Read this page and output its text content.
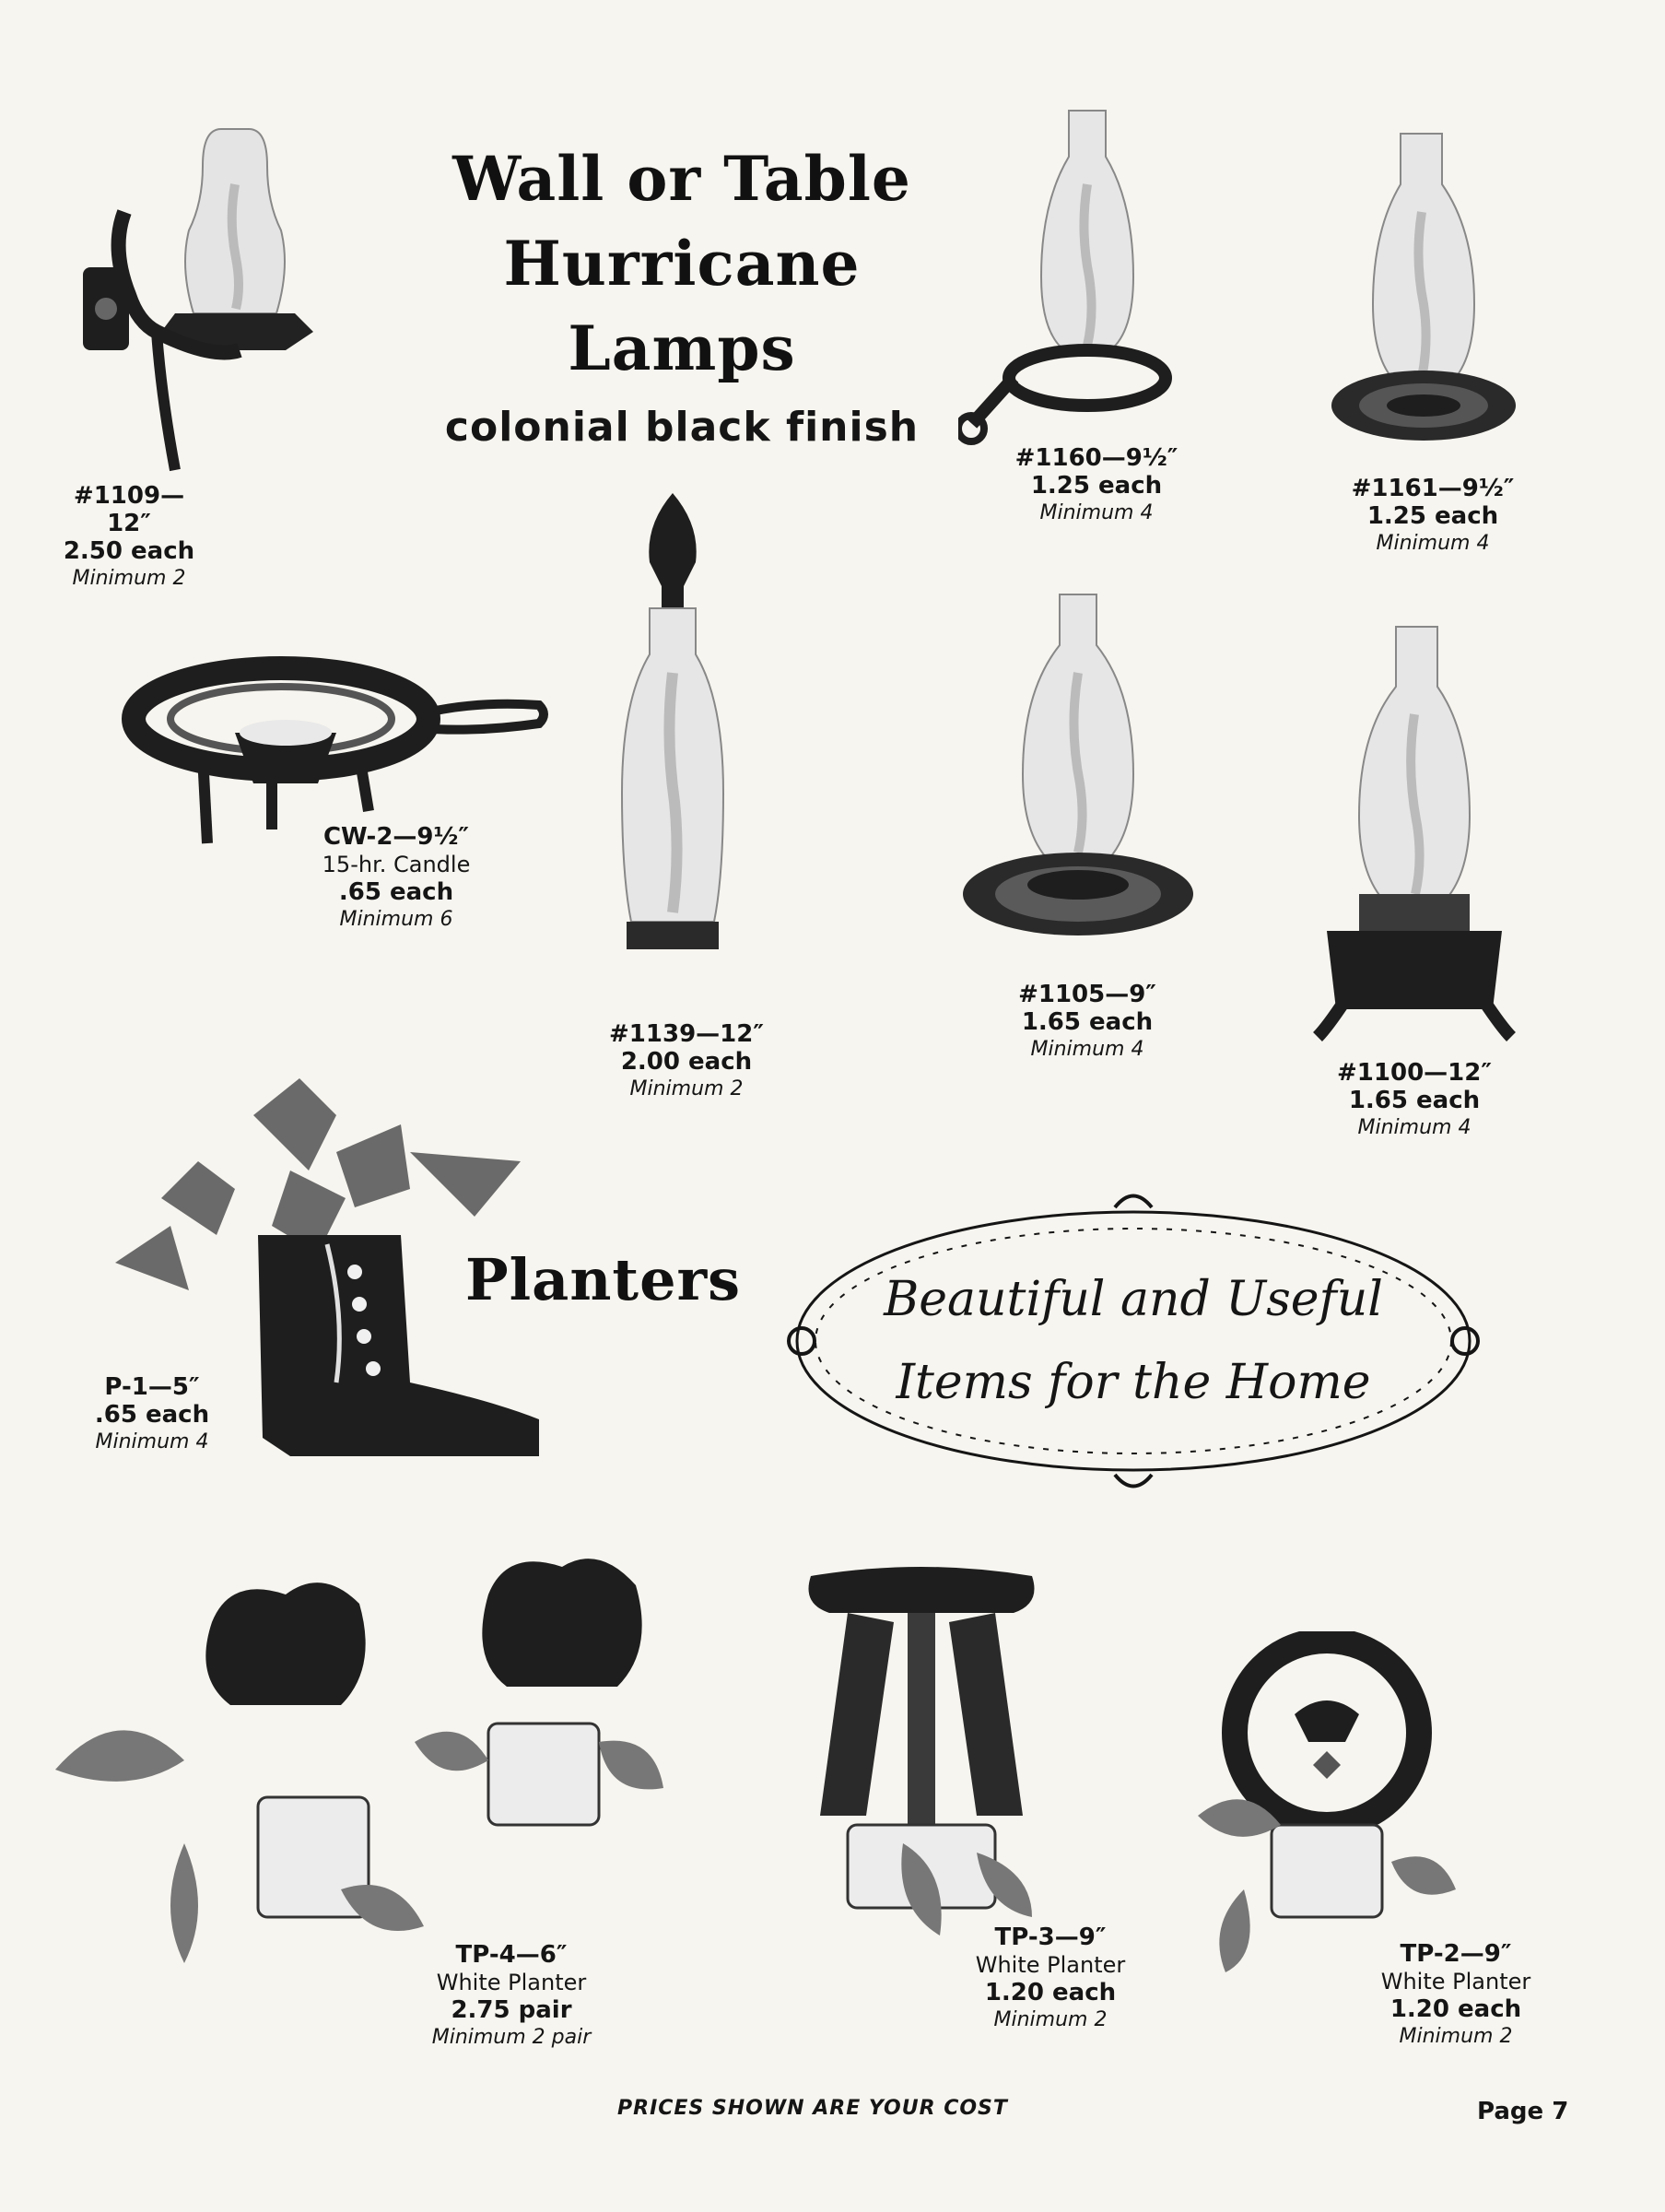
Wall or Table
Hurricane
Lamps
colonial black finish
#1109—12″
2.50 each
Minimum 2
#1160—9½″
1.25 each
Minimum 4
#1161—9½″
1.25 each
Minimum 4
CW-2—9½″
15-hr. Candle
.65 each
Minimum 6
#1139—12″
2.00 each
Minimum 2
#1105—9″
1.65 each
Minimum 4
#1100—12″
1.65 each
Minimum 4
P-1—5″
.65 each
Minimum 4
Planters	Beautiful and Useful
Items for the Home
TP-4—6″
White Planter
2.75 pair
Minimum 2 pair
TP-3—9″
White Planter
1.20 each
Minimum 2
TP-2—9″
White Planter
1.20 each
Minimum 2
PRICES SHOWN ARE YOUR COST	Page 7
